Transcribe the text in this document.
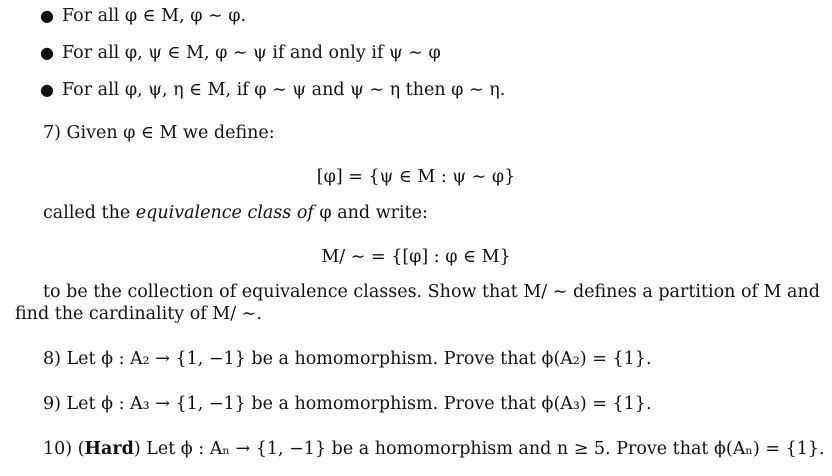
● For all φ ∈ M, φ ∼ φ.
● For all φ, ψ ∈ M, φ ∼ ψ if and only if ψ ∼ φ
● For all φ, ψ, η ∈ M, if φ ∼ ψ and ψ ∼ η then φ ∼ η.
7) Given φ ∈ M we define:
[φ] = {ψ ∈ M : ψ ∼ φ}
called the equivalence class of φ and write:
M/ ∼ = {[φ] : φ ∈ M}
to be the collection of equivalence classes. Show that M/ ∼ defines a partition of M and
find the cardinality of M/ ∼.
8) Let ϕ : A₂ → {1, −1} be a homomorphism. Prove that ϕ(A₂) = {1}.
9) Let ϕ : A₃ → {1, −1} be a homomorphism. Prove that ϕ(A₃) = {1}.
10) (Hard) Let ϕ : Aₙ → {1, −1} be a homomorphism and n ≥ 5. Prove that ϕ(Aₙ) = {1}.
